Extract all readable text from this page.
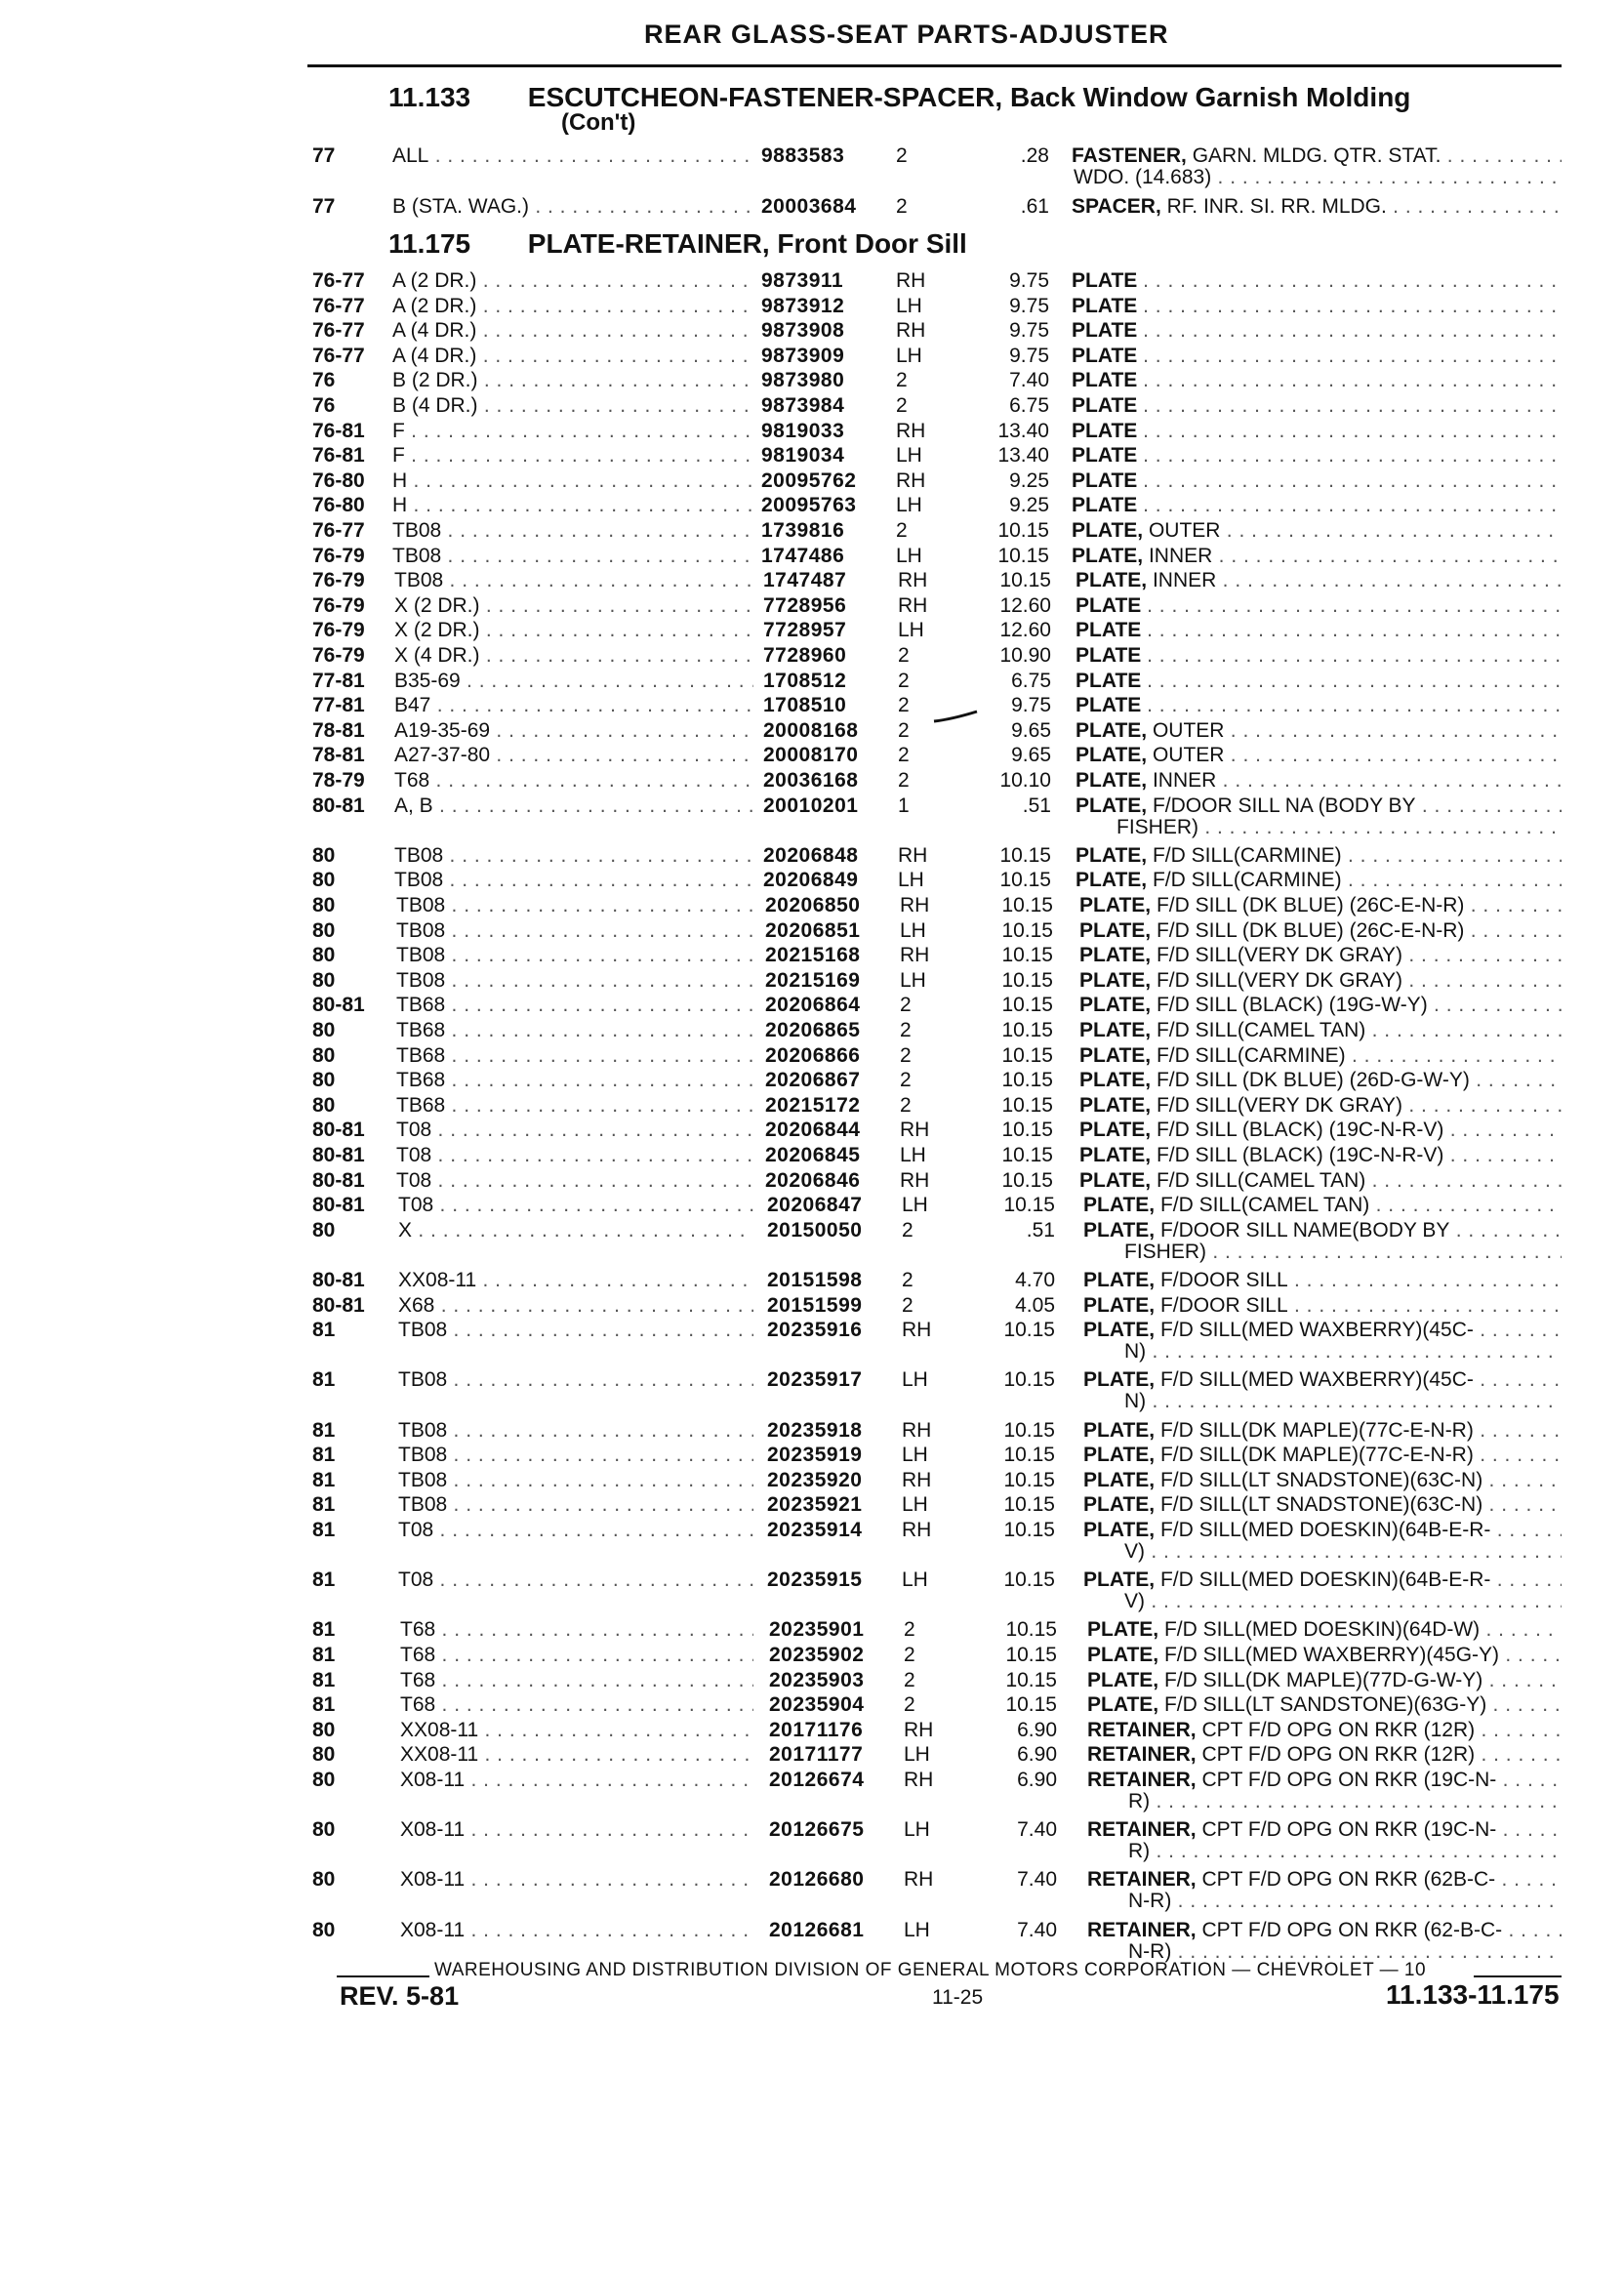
REAR GLASS-SEAT PARTS-ADJUSTER
11.133 ESCUTCHEON-FASTENER-SPACER, Back Window Garnish Molding
(Con't)
11.175 PLATE-RETAINER, Front Door Sill
77	ALL . . .	9883583	2	.28 FASTENER, GARN. MLDG. QTR. STAT. . . .
WDO. (14.683) . . .
77	B (STA. WAG.) . . .	20003684	2	.61 SPACER, RF. INR. SI. RR. MLDG. . . .
76-77	A (2 DR.) . . .	9873911	RH	9.75 PLATE . . .
76-77	A (2 DR.) . . .	9873912	LH	9.75 PLATE . . .
76-77	A (4 DR.) . . .	9873908	RH	9.75 PLATE . . .
76-77	A (4 DR.) . . .	9873909	LH	9.75 PLATE . . .
76	B (2 DR.) . . .	9873980	2	7.40 PLATE . . .
76	B (4 DR.) . . .	9873984	2	6.75 PLATE . . .
76-81	F . . .	9819033	RH	13.40 PLATE . . .
76-81	F . . .	9819034	LH	13.40 PLATE . . .
76-80	H . . .	20095762	RH	9.25 PLATE . . .
76-80	H . . .	20095763	LH	9.25 PLATE . . .
76-77	TB08 . . .	1739816	2	10.15 PLATE, OUTER . . .
76-79	TB08 . . .	1747486	LH	10.15 PLATE, INNER . . .
76-79	TB08 . . .	1747487	RH	10.15 PLATE, INNER . . .
76-79	X (2 DR.) . . .	7728956	RH	12.60 PLATE . . .
76-79	X (2 DR.) . . .	7728957	LH	12.60 PLATE . . .
76-79	X (4 DR.) . . .	7728960	2	10.90 PLATE . . .
77-81	B35-69 . . .	1708512	2	6.75 PLATE . . .
77-81	B47 . . .	1708510	2	9.75 PLATE . . .
78-81	A19-35-69 . . .	20008168	2	9.65 PLATE, OUTER . . .
78-81	A27-37-80 . . .	20008170	2	9.65 PLATE, OUTER . . .
78-79	T68 . . .	20036168	2	10.10 PLATE, INNER . . .
80-81	A, B . . .	20010201	1	.51 PLATE, F/DOOR SILL NA (BODY BY . . .
FISHER) . . .
80	TB08 . . .	20206848	RH	10.15 PLATE, F/D SILL(CARMINE) . . .
80	TB08 . . .	20206849	LH	10.15 PLATE, F/D SILL(CARMINE) . . .
80	TB08 . . .	20206850	RH	10.15 PLATE, F/D SILL (DK BLUE) (26C-E-N-R) . . .
80	TB08 . . .	20206851	LH	10.15 PLATE, F/D SILL (DK BLUE) (26C-E-N-R) . . .
80	TB08 . . .	20215168	RH	10.15 PLATE, F/D SILL(VERY DK GRAY) . . .
80	TB08 . . .	20215169	LH	10.15 PLATE, F/D SILL(VERY DK GRAY) . . .
80-81	TB68 . . .	20206864	2	10.15 PLATE, F/D SILL (BLACK) (19G-W-Y) . . .
80	TB68 . . .	20206865	2	10.15 PLATE, F/D SILL(CAMEL TAN) . . .
80	TB68 . . .	20206866	2	10.15 PLATE, F/D SILL(CARMINE) . . .
80	TB68 . . .	20206867	2	10.15 PLATE, F/D SILL (DK BLUE) (26D-G-W-Y) . . .
80	TB68 . . .	20215172	2	10.15 PLATE, F/D SILL(VERY DK GRAY) . . .
80-81	T08 . . .	20206844	RH	10.15 PLATE, F/D SILL (BLACK) (19C-N-R-V) . . .
80-81	T08 . . .	20206845	LH	10.15 PLATE, F/D SILL (BLACK) (19C-N-R-V) . . .
80-81	T08 . . .	20206846	RH	10.15 PLATE, F/D SILL(CAMEL TAN) . . .
80-81	T08 . . .	20206847	LH	10.15 PLATE, F/D SILL(CAMEL TAN) . . .
80	X . . .	20150050	2	.51 PLATE, F/DOOR SILL NAME(BODY BY . . .
FISHER) . . .
80-81	XX08-11 . . .	20151598	2	4.70 PLATE, F/DOOR SILL . . .
80-81	X68 . . .	20151599	2	4.05 PLATE, F/DOOR SILL . . .
81	TB08 . . .	20235916	RH	10.15 PLATE, F/D SILL(MED WAXBERRY)(45C- . . .
N) . . .
81	TB08 . . .	20235917	LH	10.15 PLATE, F/D SILL(MED WAXBERRY)(45C- . . .
N) . . .
81	TB08 . . .	20235918	RH	10.15 PLATE, F/D SILL(DK MAPLE)(77C-E-N-R) . . .
81	TB08 . . .	20235919	LH	10.15 PLATE, F/D SILL(DK MAPLE)(77C-E-N-R) . . .
81	TB08 . . .	20235920	RH	10.15 PLATE, F/D SILL(LT SNADSTONE)(63C-N) . . .
81	TB08 . . .	20235921	LH	10.15 PLATE, F/D SILL(LT SNADSTONE)(63C-N) . . .
81	T08 . . .	20235914	RH	10.15 PLATE, F/D SILL(MED DOESKIN)(64B-E-R- . . .
V) . . .
81	T08 . . .	20235915	LH	10.15 PLATE, F/D SILL(MED DOESKIN)(64B-E-R- . . .
V) . . .
81	T68 . . .	20235901	2	10.15 PLATE, F/D SILL(MED DOESKIN)(64D-W) . . .
81	T68 . . .	20235902	2	10.15 PLATE, F/D SILL(MED WAXBERRY)(45G-Y) . . .
81	T68 . . .	20235903	2	10.15 PLATE, F/D SILL(DK MAPLE)(77D-G-W-Y) . . .
81	T68 . . .	20235904	2	10.15 PLATE, F/D SILL(LT SANDSTONE)(63G-Y) . . .
80	XX08-11 . . .	20171176	RH	6.90 RETAINER, CPT F/D OPG ON RKR (12R) . . .
80	XX08-11 . . .	20171177	LH	6.90 RETAINER, CPT F/D OPG ON RKR (12R) . . .
80	X08-11 . . .	20126674	RH	6.90 RETAINER, CPT F/D OPG ON RKR (19C-N- . . .
R) . . .
80	X08-11 . . .	20126675	LH	7.40 RETAINER, CPT F/D OPG ON RKR (19C-N- . . .
R) . . .
80	X08-11 . . .	20126680	RH	7.40 RETAINER, CPT F/D OPG ON RKR (62B-C- . . .
N-R) . . .
80	X08-11 . . .	20126681	LH	7.40 RETAINER, CPT F/D OPG ON RKR (62-B-C- . . .
N-R) . . .
WAREHOUSING AND DISTRIBUTION DIVISION OF GENERAL MOTORS CORPORATION — CHEVROLET — 10
REV. 5-81	11-25	11.133-11.175
